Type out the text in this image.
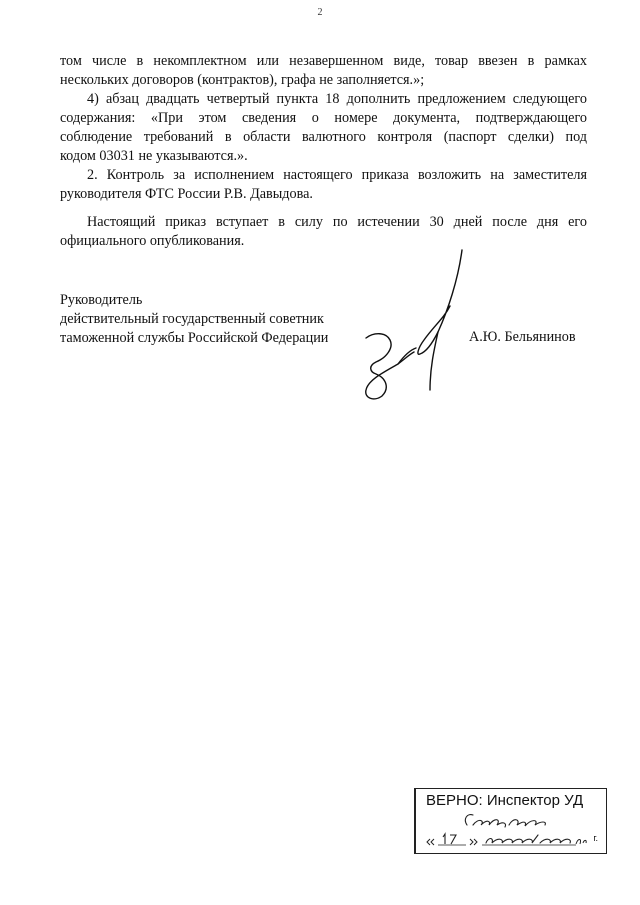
2

том числе в некомплектном или незавершенном виде, товар ввезен в рамках
нескольких договоров (контрактов), графа не заполняется.»;

4) абзац двадцать четвертый пункта 18 дополнить предложением следующего
содержания: «При этом сведения о номере документа, подтверждающего
соблюдение требований в области валютного контроля (паспорт сделки) под
кодом 03031 не указываются.».

2. Контроль за исполнением настоящего приказа возложить на заместителя
руководителя ФТС России Р.В. Давыдова.

Настоящий приказ вступает в силу по истечении 30 дней после дня его
официального опубликования.

Руководитель
действительный государственный советник
таможенной службы Российской Федерации	А.Ю. Бельянинов
ВЕРНО: Инспектор УД
г.
